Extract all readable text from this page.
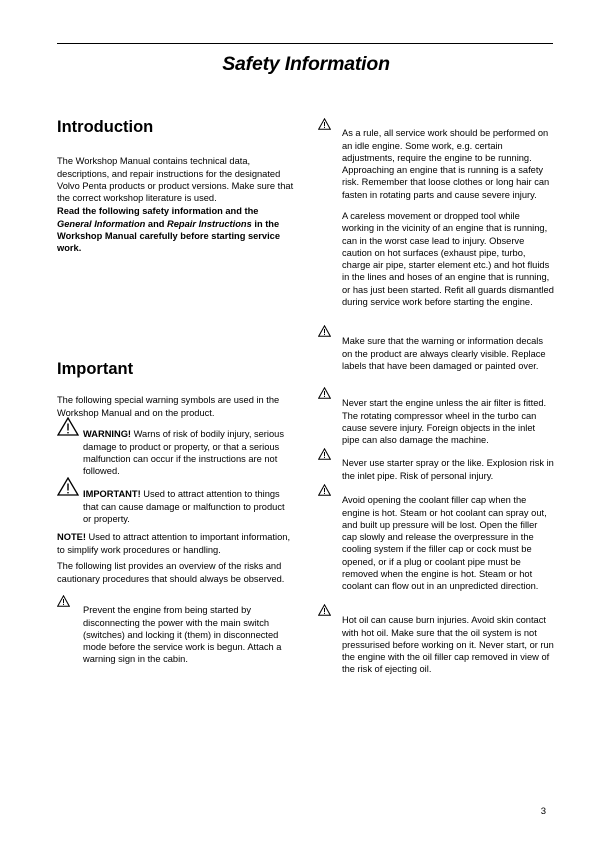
Safety Information
Introduction

The Workshop Manual contains technical data, descriptions, and repair instructions for the designated Volvo Penta products or product versions. Make sure that the correct workshop literature is used.

Read the following safety information and the General Information and Repair Instructions in the Workshop Manual carefully before starting service work.

Important

The following special warning symbols are used in the Workshop Manual and on the product.

WARNING! Warns of risk of bodily injury, serious damage to product or property, or that a serious malfunction can occur if the instructions are not followed.

IMPORTANT! Used to attract attention to things that can cause damage or malfunction to product or property.

NOTE! Used to attract attention to important information, to simplify work procedures or handling.

The following list provides an overview of the risks and cautionary procedures that should always be observed.

Prevent the engine from being started by disconnecting the power with the main switch (switches) and locking it (them) in disconnected mode before the service work is begun. Attach a warning sign in the cabin.

As a rule, all service work should be performed on an idle engine. Some work, e.g. certain adjustments, require the engine to be running. Approaching an engine that is running is a safety risk. Remember that loose clothes or long hair can fasten in rotating parts and cause severe injury.

A careless movement or dropped tool while working in the vicinity of an engine that is running, can in the worst case lead to injury. Observe caution on hot surfaces (exhaust pipe, turbo, charge air pipe, starter element etc.) and hot fluids in the lines and hoses of an engine that is running, or has just been started. Refit all guards dismantled during service work before starting the engine.

Make sure that the warning or information decals on the product are always clearly visible. Replace labels that have been damaged or painted over.

Never start the engine unless the air filter is fitted. The rotating compressor wheel in the turbo can cause severe injury. Foreign objects in the inlet pipe can also damage the machine.

Never use starter spray or the like. Explosion risk in the inlet pipe. Risk of personal injury.

Avoid opening the coolant filler cap when the engine is hot. Steam or hot coolant can spray out, and built up pressure will be lost. Open the filler cap slowly and release the overpressure in the cooling system if the filler cap or cock must be opened, or if a plug or coolant pipe must be removed when the engine is hot. Steam or hot coolant can flow out in an unpredicted direction.

Hot oil can cause burn injuries. Avoid skin contact with hot oil. Make sure that the oil system is not pressurised before working on it. Never start, or run the engine with the oil filler cap removed in view of the risk of ejecting oil.

3
